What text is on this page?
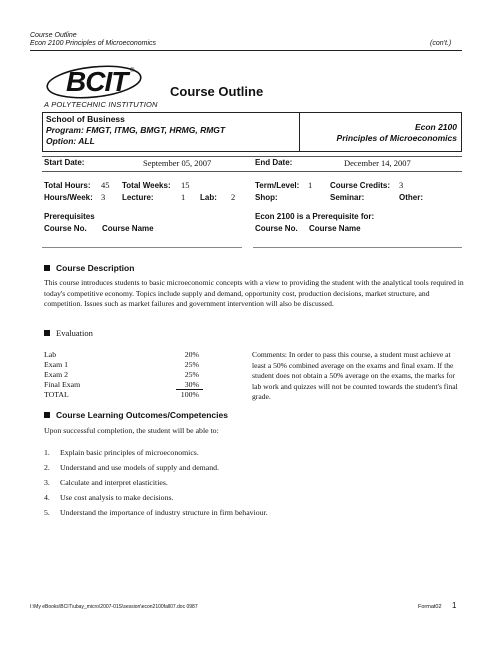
Course Outline
Econ 2100 Principles of Microeconomics	(con't.)
BCIT ®
A POLYTECHNIC INSTITUTION
Course Outline
School of Business
Program: FMGT, ITMG, BMGT, HRMG, RMGT
Option: ALL
Econ 2100
Principles of Microeconomics
Start Date:	September 05, 2007	End Date:	December 14, 2007
Total Hours: 45 Total Weeks: 15	Term/Level: 1 Course Credits: 3
Hours/Week: 3 Lecture:	1 Lab: 2 Shop:	Seminar:	Other:
Prerequisites	Econ 2100 is a Prerequisite for:
Course No. Course Name	Course No. Course Name
Course Description
This course introduces students to basic microeconomic concepts with a view to providing the student with the analytical tools required in today's competitive economy. Topics include supply and demand, opportunity cost, production decisions, market structure, and competition. Issues such as market failures and government intervention will also be discussed.
Evaluation
Lab	20%
Exam 1	25%
Exam 2	25%
Final Exam	30%
TOTAL	100%
Comments: In order to pass this course, a student must achieve at least a 50% combined average on the exams and final exam. If the student does not obtain a 50% average on the exams, the marks for lab work and quizzes will not be counted towards the student's final grade.
Course Learning Outcomes/Competencies
Upon successful completion, the student will be able to:
1. Explain basic principles of microeconomics.
2. Understand and use models of supply and demand.
3. Calculate and interpret elasticities.
4. Use cost analysis to make decisions.
5. Understand the importance of industry structure in firm behaviour.
I:\My eBooks\BCIT\ubay_micro\2007-01S\session\econ2100fall07.doc 0987	Format02 1
